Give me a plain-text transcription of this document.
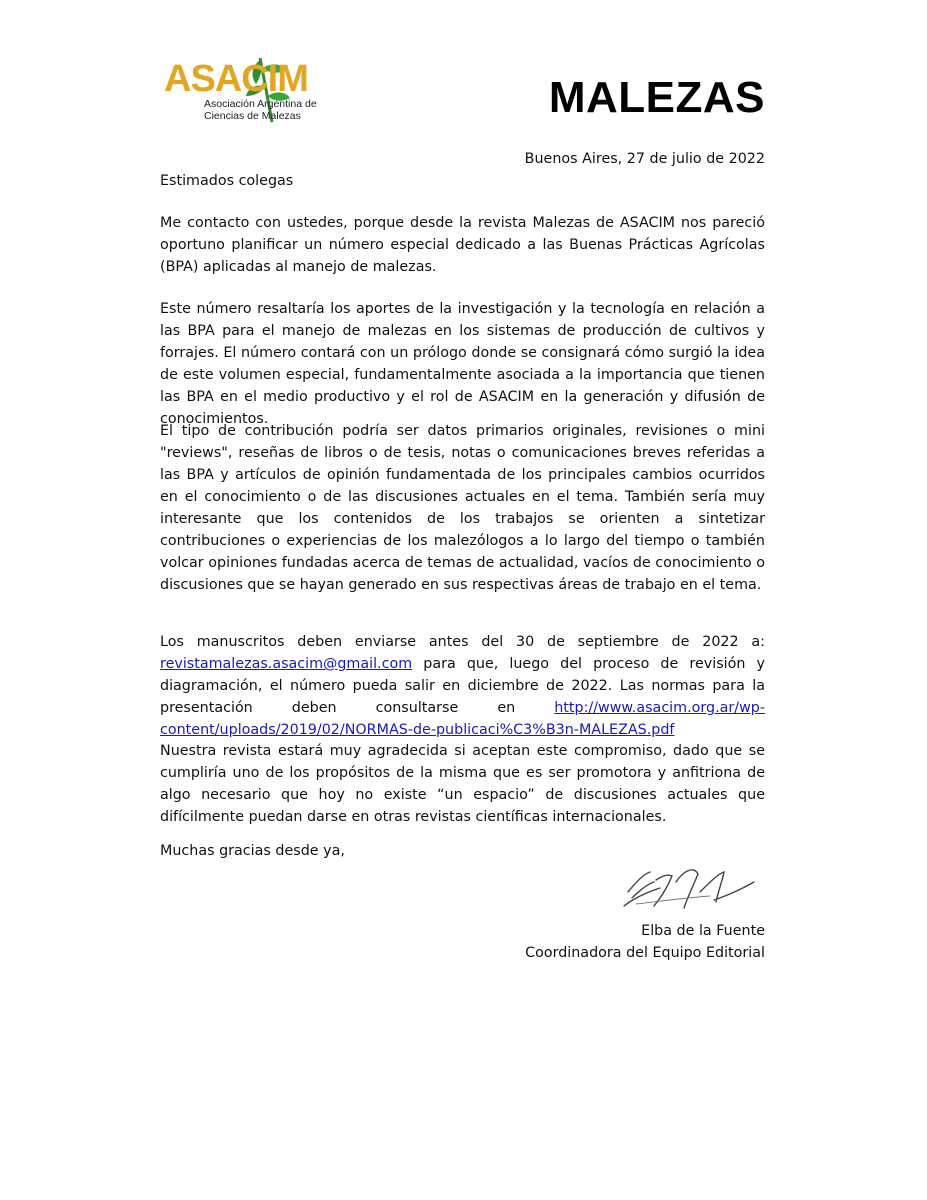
ASACIM
Asociación Argentina de
Ciencias de Malezas	MALEZAS
Buenos Aires, 27 de julio de 2022
Estimados colegas

Me contacto con ustedes, porque desde la revista Malezas de ASACIM nos pareció oportuno planificar un número especial dedicado a las Buenas Prácticas Agrícolas (BPA) aplicadas al manejo de malezas.

Este número resaltaría los aportes de la investigación y la tecnología en relación a las BPA para el manejo de malezas en los sistemas de producción de cultivos y forrajes. El número contará con un prólogo donde se consignará cómo surgió la idea de este volumen especial, fundamentalmente asociada a la importancia que tienen las BPA en el medio productivo y el rol de ASACIM en la generación y difusión de conocimientos.

El tipo de contribución podría ser datos primarios originales, revisiones o mini "reviews", reseñas de libros o de tesis, notas o comunicaciones breves referidas a las BPA y artículos de opinión fundamentada de los principales cambios ocurridos en el conocimiento o de las discusiones actuales en el tema. También sería muy interesante que los contenidos de los trabajos se orienten a sintetizar contribuciones o experiencias de los malezólogos a lo largo del tiempo o también volcar opiniones fundadas acerca de temas de actualidad, vacíos de conocimiento o discusiones que se hayan generado en sus respectivas áreas de trabajo en el tema.

Los manuscritos deben enviarse antes del 30 de septiembre de 2022 a: revistamalezas.asacim@gmail.com para que, luego del proceso de revisión y diagramación, el número pueda salir en diciembre de 2022. Las normas para la presentación deben consultarse en http://www.asacim.org.ar/wp-content/uploads/2019/02/NORMAS-de-publicaci%C3%B3n-MALEZAS.pdf

Nuestra revista estará muy agradecida si aceptan este compromiso, dado que se cumpliría uno de los propósitos de la misma que es ser promotora y anfitriona de algo necesario que hoy no existe “un espacio” de discusiones actuales que difícilmente puedan darse en otras revistas científicas internacionales.

Muchas gracias desde ya,
Elba de la Fuente
Coordinadora del Equipo Editorial
